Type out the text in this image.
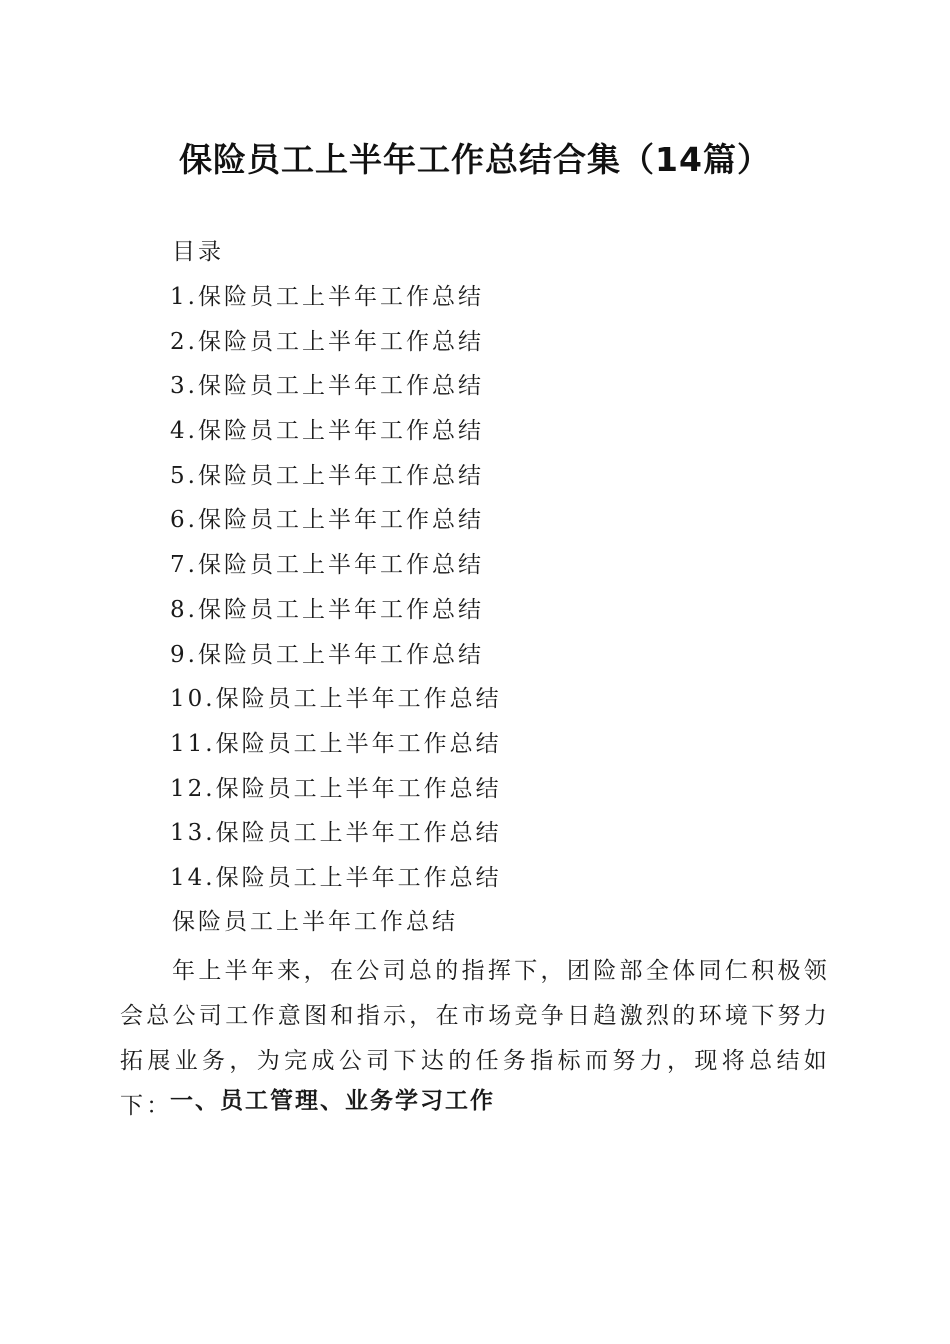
保险员工上半年工作总结合集（14篇）
目录
1.保险员工上半年工作总结
2.保险员工上半年工作总结
3.保险员工上半年工作总结
4.保险员工上半年工作总结
5.保险员工上半年工作总结
6.保险员工上半年工作总结
7.保险员工上半年工作总结
8.保险员工上半年工作总结
9.保险员工上半年工作总结
10.保险员工上半年工作总结
11.保险员工上半年工作总结
12.保险员工上半年工作总结
13.保险员工上半年工作总结
14.保险员工上半年工作总结
保险员工上半年工作总结

年上半年来，在公司总的指挥下，团险部全体同仁积极领会总公司工作意图和指示，在市场竞争日趋激烈的环境下努力拓展业务，为完成公司下达的任务指标而努力，现将总结如下：

一、员工管理、业务学习工作
